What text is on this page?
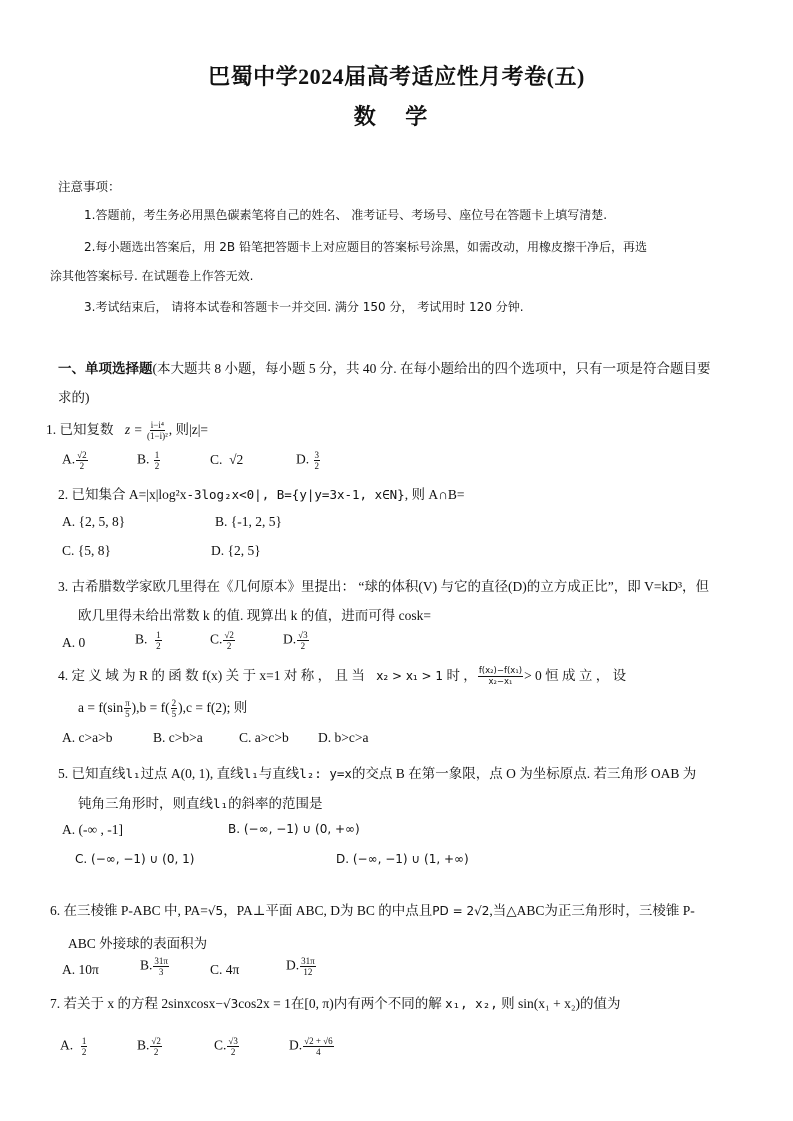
巴蜀中学2024届高考适应性月考卷(五)
数 学
注意事项：
1.答题前，考生务必用黑色碳素笔将自己的姓名、 准考证号、考场号、座位号在答题卡上填写清楚.
2.每小题选出答案后，用 2B 铅笔把答题卡上对应题目的答案标号涂黑，如需改动，用橡皮擦干净后，再选
涂其他答案标号. 在试题卷上作答无效.
3.考试结束后， 请将本试卷和答题卡一并交回. 满分 150 分， 考试用时 120 分钟.
一、单项选择题(本大题共 8 小题，每小题 5 分，共 40 分. 在每小题给出的四个选项中，只有一项是符合题目要
求的)
1. 已知复数 $z = \frac{\text{i−i⁴}}{\text{(1−i)²}}$ , 则|z|=
A. $\frac{√2}{2}$	B. $\frac{1}{2}$	C. √2	D. $\frac{3}{2}$
2. 已知集合 A=|x|log²x-3log₂x<0|, B={y|y=3x-1, x∈N}, 则 A∩B=
A. {2, 5, 8}	B. {-1, 2, 5}
C. {5, 8}	D. {2, 5}
3. 古希腊数学家欧几里得在《几何原本》里提出： “球的体积(V) 与它的直径(D)的立方成正比”，即 V=kD³，但
欧几里得未给出常数 k 的值. 现算出 k 的值，进而可得 cosk=
A. 0	B. $\frac{1}{2}$	C. $\frac{√2}{2}$	D. $\frac{√3}{2}$
4. 定 义 域 为 R 的 函 数 f(x) 关 于 x=1 对 称 ， 且 当 x₂ > x₁ > 1 时 ， $\frac{\text{f(x₂)−f(x₁)}}{\text{x₂−x₁}} > 0$ 恒 成 立 ， 设
$a = f(\sin \frac{\pi}{5} ),b = f( \frac{2}{5} ),c = f(2)$; 则
A. c>a>b	B. c>b>a	C. a>c>b D. b>c>a
5. 已知直线l₁过点 A(0, 1), 直线l₁与直线l₂: y=x的交点 B 在第一象限，点 O 为坐标原点. 若三角形 OAB 为
钝角三角形时，则直线l₁的斜率的范围是
A. (-∞ , -1]	B. (−∞, −1) ∪ (0, +∞)
C. (−∞, −1) ∪ (0, 1)	D. (−∞, −1) ∪ (1, +∞)
6. 在三棱锥 P-ABC 中, PA=√5，PA⊥平面 ABC, D为 BC 的中点且PD = 2√2,当△ABC为正三角形时，三棱锥 P-
ABC 外接球的表面积为
A. 10π	B. $\frac{31\pi}{3}$	C. 4π	D. $\frac{31\pi}{12}$
7. 若关于 x 的方程 2sinxcosx−√3cos2x = 1在[0, π)内有两个不同的解 x₁, x₂, 则 sin(x₁ + x₂)的值为
A. $\frac{1}{2}$	B. $\frac{√2}{2}$	C. $\frac{√3}{2}$	D. $\frac{√2 + √6}{4}$
